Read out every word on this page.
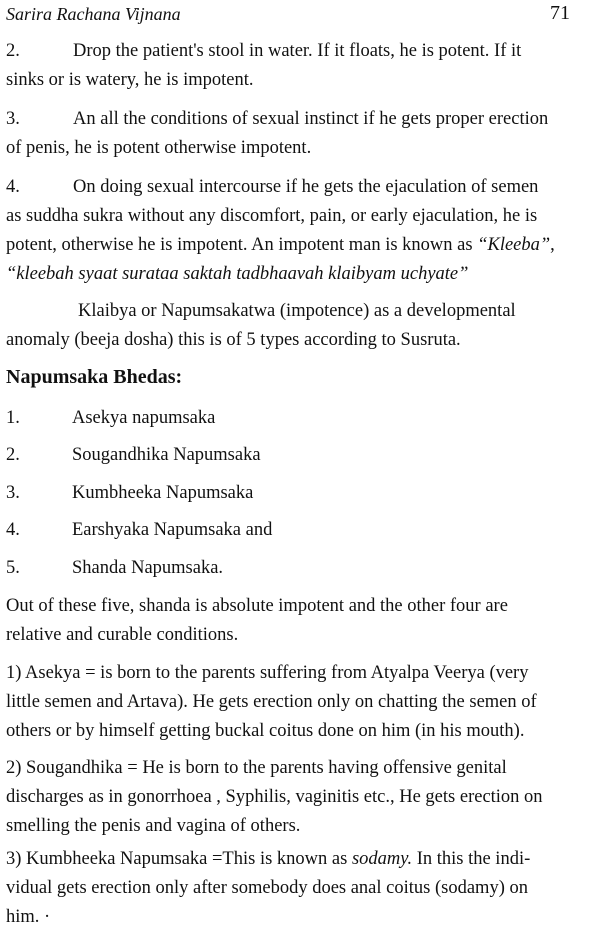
Sarira Rachana Vijnana	71
2.	Drop the patient's stool in water. If it floats, he is potent. If it
sinks or is watery, he is impotent.
3.	An all the conditions of sexual instinct if he gets proper erection
of penis, he is potent otherwise impotent.
4.	On doing sexual intercourse if he gets the ejaculation of semen
as suddha sukra without any discomfort, pain, or early ejaculation, he is
potent, otherwise he is impotent. An impotent man is known as “Kleeba”,
“kleebah syaat surataa saktah tadbhaavah klaibyam uchyate”
Klaibya or Napumsakatwa (impotence) as a developmental
anomaly (beeja dosha) this is of 5 types according to Susruta.
Napumsaka Bhedas:
1.	Asekya napumsaka
2.	Sougandhika Napumsaka
3.	Kumbheeka Napumsaka
4.	Earshyaka Napumsaka and
5.	Shanda Napumsaka.
Out of these five, shanda is absolute impotent and the other four are
relative and curable conditions.
1) Asekya = is born to the parents suffering from Atyalpa Veerya (very
little semen and Artava). He gets erection only on chatting the semen of
others or by himself getting buckal coitus done on him (in his mouth).
2) Sougandhika = He is born to the parents having offensive genital
discharges as in gonorrhoea , Syphilis, vaginitis etc., He gets erection on
smelling the penis and vagina of others.
3) Kumbheeka Napumsaka =This is known as sodamy. In this the indi-
vidual gets erection only after somebody does anal coitus (sodamy) on
him. ·
